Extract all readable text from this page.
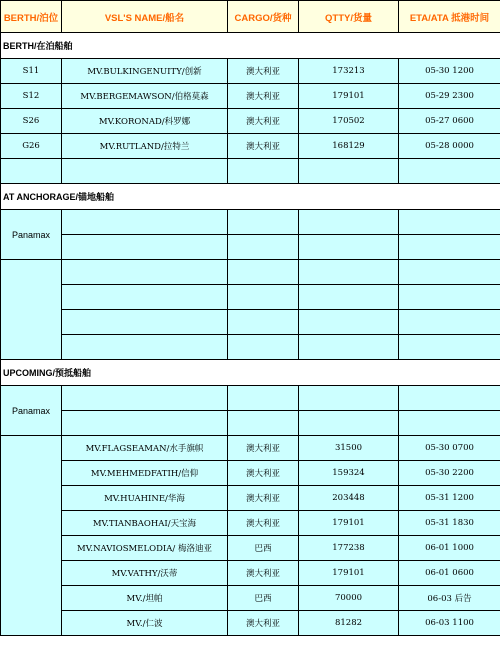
BERTH/泊位	VSL'S NAME/船名	CARGO/货种	QTTY/货量	ETA/ATA 抵港时间
BERTH/在泊船舶				
S11	MV.BULKINGENUITY/创新	澳大利亚	173213	05-30 1200
S12	MV.BERGEMAWSON/伯格莫森	澳大利亚	179101	05-29 2300
S26	MV.KORONAD/科罗娜	澳大利亚	170502	05-27 0600
G26	MV.RUTLAND/拉特兰	澳大利亚	168129	05-28 0000

AT ANCHORAGE/锚地船舶				
Panamax				

UPCOMING/预抵船舶				
Panamax				

	MV.FLAGSEAMAN/水手旗帜	澳大利亚	31500	05-30 0700
	MV.MEHMEDFATIH/信仰	澳大利亚	159324	05-30 2200
	MV.HUAHINE/华海	澳大利亚	203448	05-31 1200
	MV.TIANBAOHAI/天宝海	澳大利亚	179101	05-31 1830
	MV.NAVIOSMELODIA/ 梅洛迪亚	巴西	177238	06-01 1000
	MV.VATHY/沃蒂	澳大利亚	179101	06-01 0600
	MV./坦帕	巴西	70000	06-03 后告
	MV./仁波	澳大利亚	81282	06-03 1100
